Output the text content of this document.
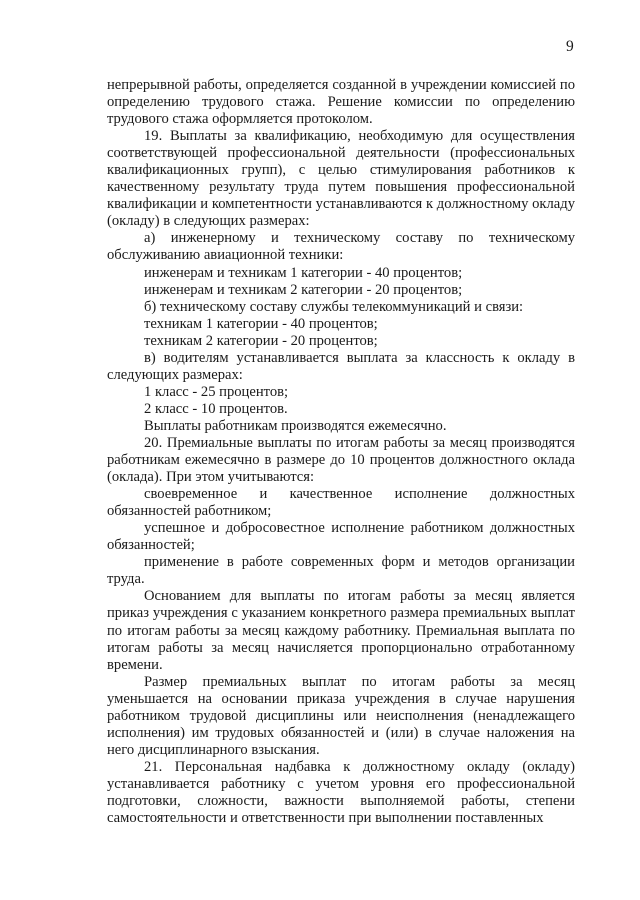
9

непрерывной работы, определяется созданной в учреждении комиссией по определению трудового стажа. Решение комиссии по определению трудового стажа оформляется протоколом.

19. Выплаты за квалификацию, необходимую для осуществления соответствующей профессиональной деятельности (профессиональных квалификационных групп), с целью стимулирования работников к качественному результату труда путем повышения профессиональной квалификации и компетентности устанавливаются к должностному окладу (окладу) в следующих размерах:

а) инженерному и техническому составу по техническому обслуживанию авиационной техники:

инженерам и техникам 1 категории - 40 процентов;

инженерам и техникам 2 категории - 20 процентов;

б) техническому составу службы телекоммуникаций и связи:

техникам 1 категории - 40 процентов;

техникам 2 категории - 20 процентов;

в) водителям устанавливается выплата за классность к окладу в следующих размерах:

1 класс - 25 процентов;

2 класс - 10 процентов.

Выплаты работникам производятся ежемесячно.

20. Премиальные выплаты по итогам работы за месяц производятся работникам ежемесячно в размере до 10 процентов должностного оклада (оклада). При этом учитываются:

своевременное и качественное исполнение должностных обязанностей работником;

успешное и добросовестное исполнение работником должностных обязанностей;

применение в работе современных форм и методов организации труда.

Основанием для выплаты по итогам работы за месяц является приказ учреждения с указанием конкретного размера премиальных выплат по итогам работы за месяц каждому работнику. Премиальная выплата по итогам работы за месяц начисляется пропорционально отработанному времени.

Размер премиальных выплат по итогам работы за месяц уменьшается на основании приказа учреждения в случае нарушения работником трудовой дисциплины или неисполнения (ненадлежащего исполнения) им трудовых обязанностей и (или) в случае наложения на него дисциплинарного взыскания.

21. Персональная надбавка к должностному окладу (окладу) устанавливается работнику с учетом уровня его профессиональной подготовки, сложности, важности выполняемой работы, степени самостоятельности и ответственности при выполнении поставленных
